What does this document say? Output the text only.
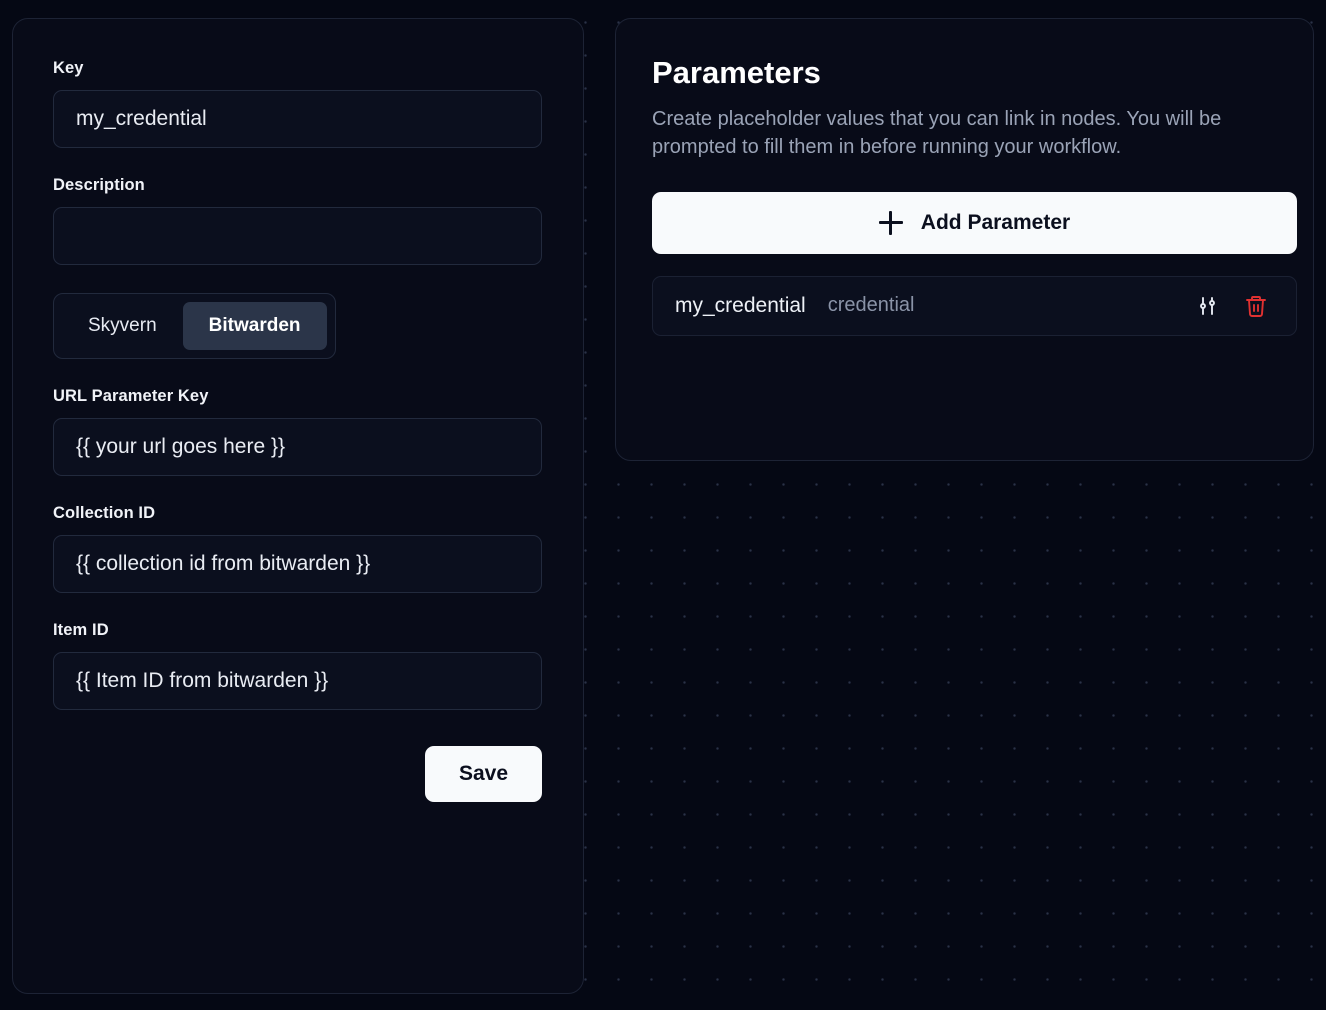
Key
my_credential
Description
Skyvern	Bitwarden
URL Parameter Key
{{ your url goes here }}
Collection ID
{{ collection id from bitwarden }}
Item ID
{{ Item ID from bitwarden }}
Save
Parameters
Create placeholder values that you can link in nodes. You will be prompted to fill them in before running your workflow.
Add Parameter
my_credential credential
